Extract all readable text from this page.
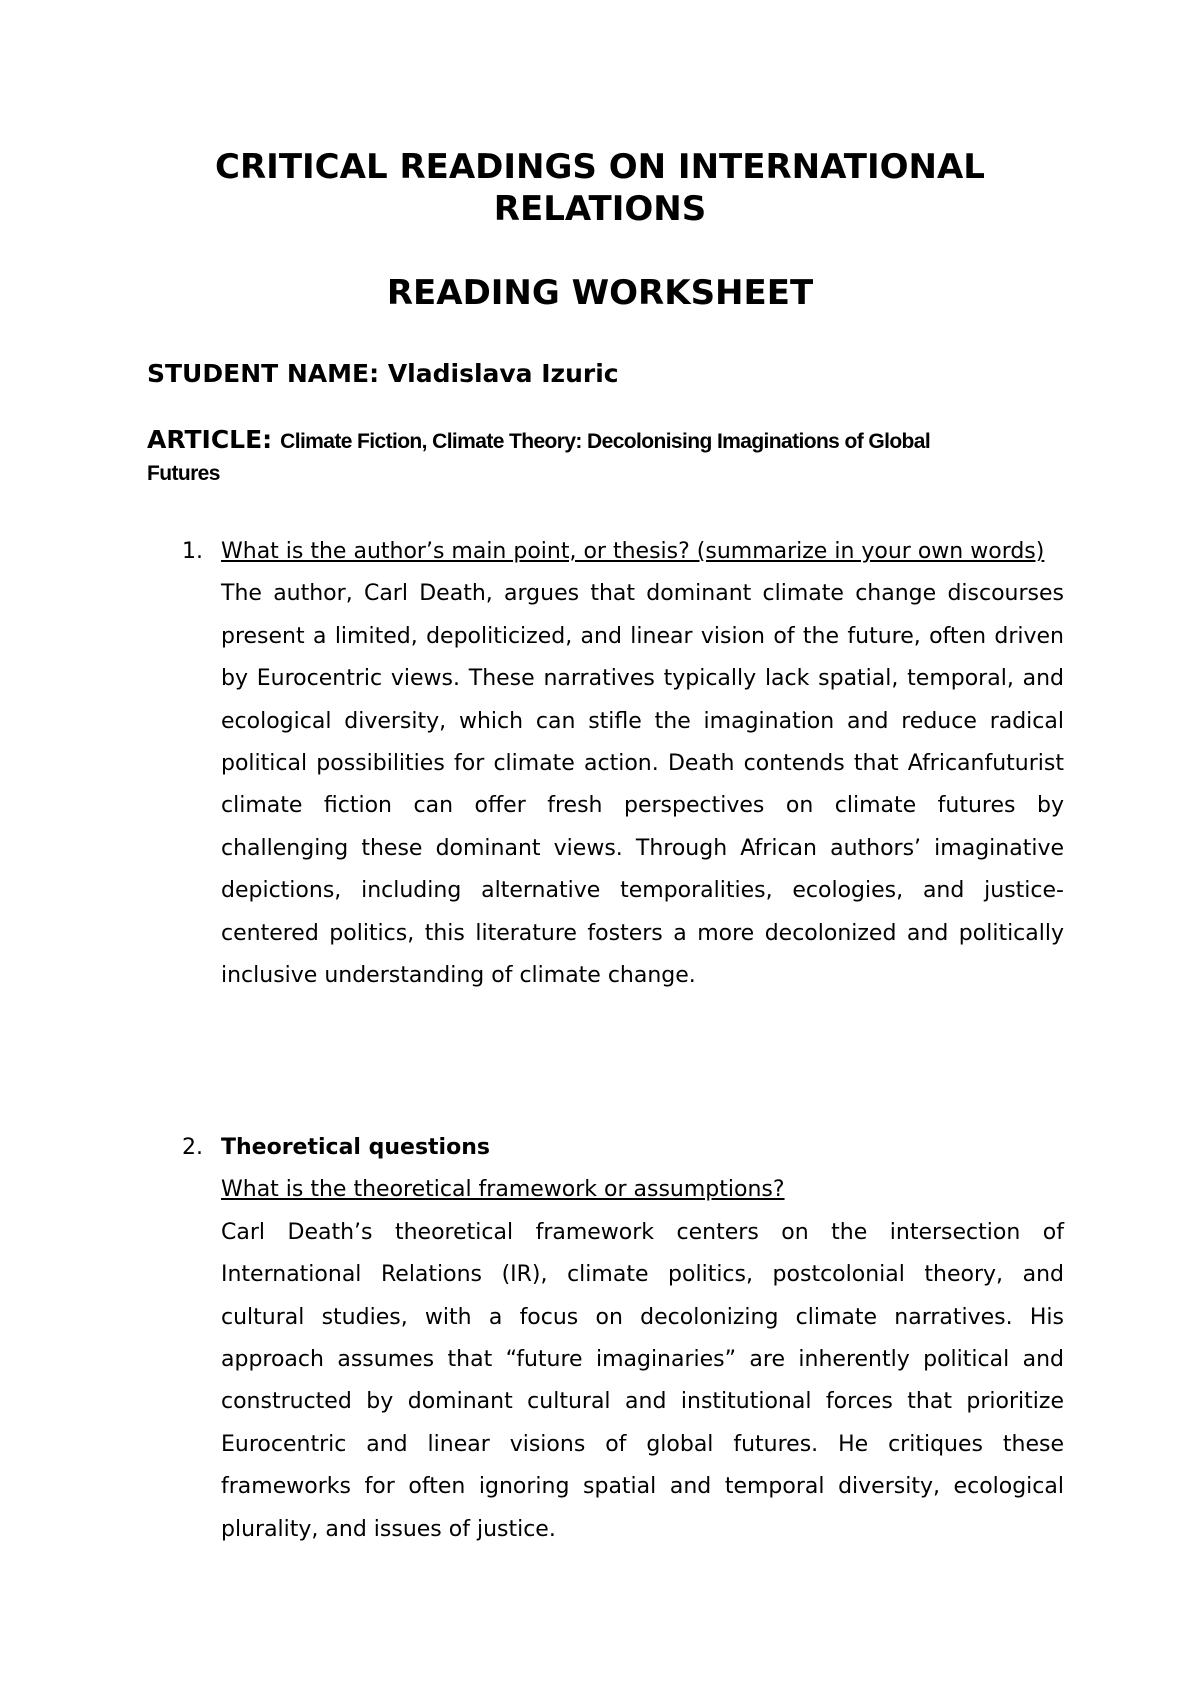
CRITICAL READINGS ON INTERNATIONAL RELATIONS
READING WORKSHEET

STUDENT NAME: Vladislava Izuric

ARTICLE: Climate Fiction, Climate Theory: Decolonising Imaginations of Global Futures

1. What is the author’s main point, or thesis? (summarize in your own words)

The author, Carl Death, argues that dominant climate change discourses present a limited, depoliticized, and linear vision of the future, often driven by Eurocentric views. These narratives typically lack spatial, temporal, and ecological diversity, which can stifle the imagination and reduce radical political possibilities for climate action. Death contends that Africanfuturist climate fiction can offer fresh perspectives on climate futures by challenging these dominant views. Through African authors’ imaginative depictions, including alternative temporalities, ecologies, and justice-centered politics, this literature fosters a more decolonized and politically inclusive understanding of climate change.

2. Theoretical questions

What is the theoretical framework or assumptions?

Carl Death’s theoretical framework centers on the intersection of International Relations (IR), climate politics, postcolonial theory, and cultural studies, with a focus on decolonizing climate narratives. His approach assumes that “future imaginaries” are inherently political and constructed by dominant cultural and institutional forces that prioritize Eurocentric and linear visions of global futures. He critiques these frameworks for often ignoring spatial and temporal diversity, ecological plurality, and issues of justice.
